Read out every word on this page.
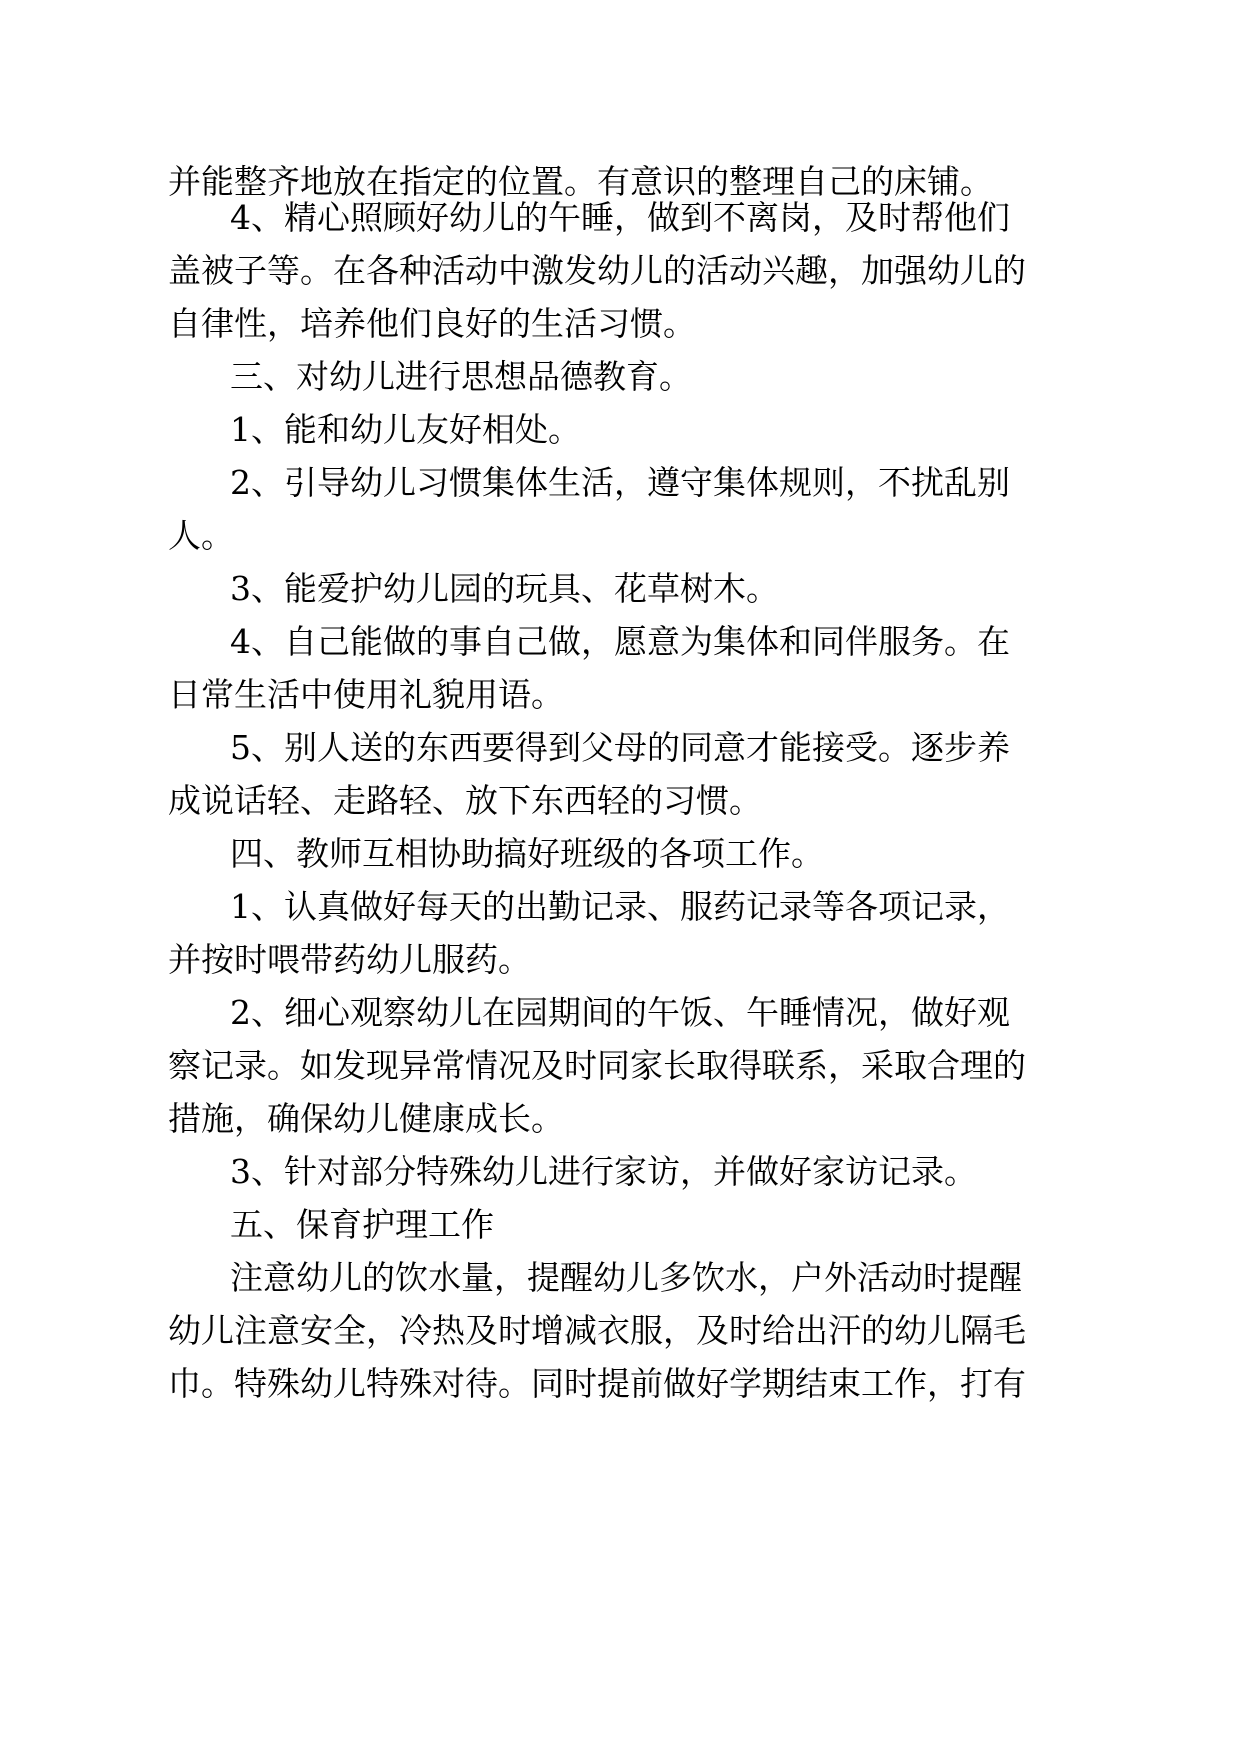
并能整齐地放在指定的位置。有意识的整理自己的床铺。
4、精心照顾好幼儿的午睡，做到不离岗，及时帮他们
盖被子等。在各种活动中激发幼儿的活动兴趣，加强幼儿的
自律性，培养他们良好的生活习惯。
三、对幼儿进行思想品德教育。
1、能和幼儿友好相处。
2、引导幼儿习惯集体生活，遵守集体规则，不扰乱别
人。
3、能爱护幼儿园的玩具、花草树木。
4、自己能做的事自己做，愿意为集体和同伴服务。在
日常生活中使用礼貌用语。
5、别人送的东西要得到父母的同意才能接受。逐步养
成说话轻、走路轻、放下东西轻的习惯。
四、教师互相协助搞好班级的各项工作。
1、认真做好每天的出勤记录、服药记录等各项记录，
并按时喂带药幼儿服药。
2、细心观察幼儿在园期间的午饭、午睡情况，做好观
察记录。如发现异常情况及时同家长取得联系，采取合理的
措施，确保幼儿健康成长。
3、针对部分特殊幼儿进行家访，并做好家访记录。
五、保育护理工作
注意幼儿的饮水量，提醒幼儿多饮水，户外活动时提醒
幼儿注意安全，冷热及时增减衣服，及时给出汗的幼儿隔毛
巾。特殊幼儿特殊对待。同时提前做好学期结束工作，打有
